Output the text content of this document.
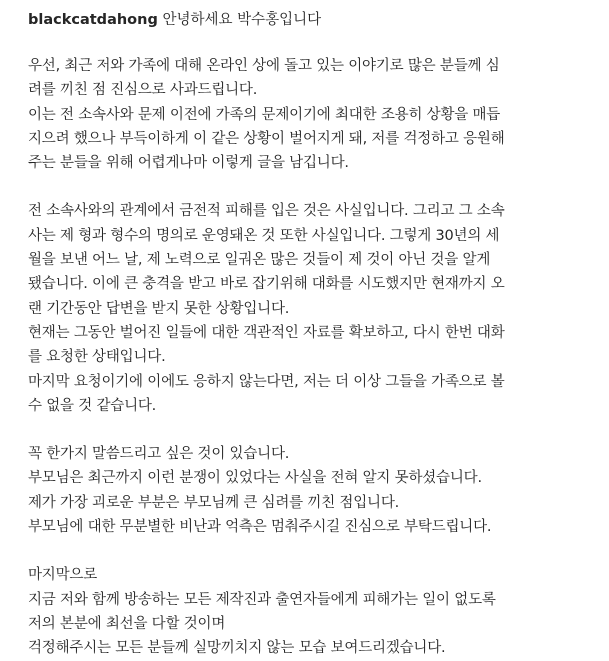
blackcatdahong 안녕하세요 박수홍입니다
우선, 최근 저와 가족에 대해 온라인 상에 돌고 있는 이야기로 많은 분들께 심
려를 끼친 점 진심으로 사과드립니다.
이는 전 소속사와 문제 이전에 가족의 문제이기에 최대한 조용히 상황을 매듭
지으려 했으나 부득이하게 이 같은 상황이 벌어지게 돼, 저를 걱정하고 응원해
주는 분들을 위해 어렵게나마 이렇게 글을 남깁니다.
전 소속사와의 관계에서 금전적 피해를 입은 것은 사실입니다. 그리고 그 소속
사는 제 형과 형수의 명의로 운영돼온 것 또한 사실입니다. 그렇게 30년의 세
월을 보낸 어느 날, 제 노력으로 일궈온 많은 것들이 제 것이 아닌 것을 알게
됐습니다. 이에 큰 충격을 받고 바로 잡기위해 대화를 시도했지만 현재까지 오
랜 기간동안 답변을 받지 못한 상황입니다.
현재는 그동안 벌어진 일들에 대한 객관적인 자료를 확보하고, 다시 한번 대화
를 요청한 상태입니다.
마지막 요청이기에 이에도 응하지 않는다면, 저는 더 이상 그들을 가족으로 볼
수 없을 것 같습니다.
꼭 한가지 말씀드리고 싶은 것이 있습니다.
부모님은 최근까지 이런 분쟁이 있었다는 사실을 전혀 알지 못하셨습니다.
제가 가장 괴로운 부분은 부모님께 큰 심려를 끼친 점입니다.
부모님에 대한 무분별한 비난과 억측은 멈춰주시길 진심으로 부탁드립니다.
마지막으로
지금 저와 함께 방송하는 모든 제작진과 출연자들에게 피해가는 일이 없도록
저의 본분에 최선을 다할 것이며
걱정해주시는 모든 분들께 실망끼치지 않는 모습 보여드리겠습니다.
